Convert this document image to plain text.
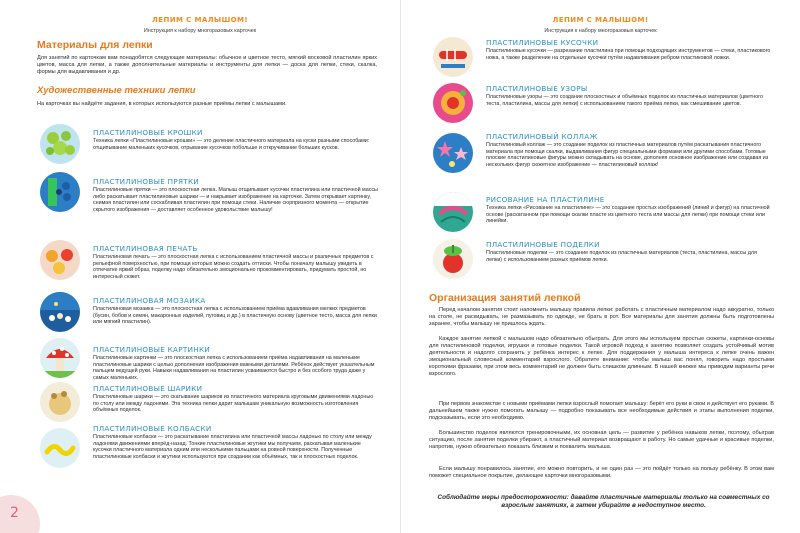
ЛЕПИМ С МАЛЫШОМ!
Инструкция к набору многоразовых карточек
Материалы для лепки
Для занятий по карточкам вам понадобятся следующие материалы: обычное и цветное тесто, мягкий восковой пластилин ярких цветов, масса для лепки, а также дополнительные материалы и инструменты для лепки — доска для лепки, стеки, скалка, формы для выдавливания и др.
Художественные техники лепки
На карточках вы найдёте задания, в которых используются разные приёмы лепки с малышами.
ПЛАСТИЛИНОВЫЕ КРОШКИ
Техника лепки «Пластилиновые крошки» — это деление пластичного материала на куски разными способами: отщипывание маленьких кусочков, отрывание кусочков побольше и откручивание больших кусков.
ПЛАСТИЛИНОВЫЕ ПРЯТКИ
Пластилиновые прятки — это плоскостная лепка. Малыш отщипывает кусочки пластилина или пластичной массы либо раскатывает пластилиновые шарики — и накрывает изображение на карточке. Затем открывает картинку, снимая пластилин или соскабливая пластилин при помощи стеки. Наличие сюрпризного момента — открытие скрытого изображения — доставляет особенное удовольствие малышу!
ПЛАСТИЛИНОВАЯ ПЕЧАТЬ
Пластилиновая печать — это плоскостная лепка с использованием пластичной массы и различных предметов с рельефной поверхностью, при помощи которых можно создать оттиски. Чтобы поначалу малышу увидеть в отпечатке яркий образ, поделку надо обязательно эмоционально прокомментировать, придумать простой, но интересный сюжет.
ПЛАСТИЛИНОВАЯ МОЗАИКА
Пластилиновая мозаика — это плоскостная лепка с использованием приёма вдавливания мелких предметов (бусин, бобов и семян, макаронных изделий, пуговиц и др.) в пластичную основу (цветное тесто, масса для лепки или мягкий пластилин).
ПЛАСТИЛИНОВЫЕ КАРТИНКИ
Пластилиновые картинки — это плоскостная лепка с использованием приёма надавливания на маленькие пластилиновые шарики с целью дополнения изображения важными деталями. Ребёнок действует указательным пальцем ведущей руки. Навыки надавливания на пластилин усваиваются быстро и без особого труда даже у самых маленьких.
ПЛАСТИЛИНОВЫЕ ШАРИКИ
Пластилиновые шарики — это скатывание шариков из пластичного материала круговыми движениями ладонью по столу или между ладонями. Эта техника лепки дарит малышам уникальную возможность изготовления объёмных поделок.
ПЛАСТИЛИНОВЫЕ КОЛБАСКИ
Пластилиновые колбаски — это раскатывание пластилина или пластичной массы ладонью по столу или между ладонями движениями вперёд-назад. Тонкие пластилиновые жгутики мы получаем, раскатывая маленькие кусочки пластичного материала одним или несколькими пальцами на ровной поверхности. Полученные пластилиновые колбаски и жгутики используются при создании как объёмных, так и плоскостных поделок.
2
ЛЕПИМ С МАЛЫШОМ!
Инструкция к набору многоразовых карточек
ПЛАСТИЛИНОВЫЕ КУСОЧКИ
Пластилиновые кусочки — разрезание пластилина при помощи подходящих инструментов — стеки, пластикового ножа, а также разделение на отдельные кусочки путём надавливания ребром пластиковой ложки.
ПЛАСТИЛИНОВЫЕ УЗОРЫ
Пластилиновые узоры — это создание плоскостных и объёмных поделок из пластичных материалов (цветного теста, пластилина, массы для лепки) с использованием такого приёма лепки, как смешивание цветов.
ПЛАСТИЛИНОВЫЙ КОЛЛАЖ
Пластилиновый коллаж — это создание поделок из пластичных материалов путём раскатывания пластичного материала при помощи скалки, выдавливания фигур специальными формами или другими способами. Готовые плоские пластилиновые фигуры можно складывать на основе, дополняя основное изображение или создавая из нескольких фигур сюжетное изображение — пластилиновый коллаж!
РИСОВАНИЕ НА ПЛАСТИЛИНЕ
Техника лепки «Рисование на пластилине» — это создание простых изображений (линий и фигур) на пластичной основе (раскатанном при помощи скалки пласте из цветного теста или массы для лепки) при помощи стеки или линейки.
ПЛАСТИЛИНОВЫЕ ПОДЕЛКИ
Пластилиновые поделки — это создание поделок из пластичных материалов (теста, пластилина, массы для лепки) с использованием разных приёмов лепки.
Организация занятий лепкой
Перед началом занятия стоит напомнить малышу правила лепки: работать с пластичным материалом надо аккуратно, только на столе, не раскидывать, не размазывать по одежде, не брать в рот. Все материалы для занятия должны быть подготовлены заранее, чтобы малышу не пришлось ждать.
Каждое занятие лепкой с малышом надо обязательно обыграть. Для этого мы используем простые сюжеты, картинки-основы для пластилиновой поделки, игрушки и готовые поделки. Такой игровой подход к занятию позволяет создать устойчивый мотив деятельности и надолго сохранить у ребёнка интерес к лепке. Для поддержания у малыша интереса к лепке очень важен эмоциональный словесный комментарий взрослого. Обратите внимание: чтобы малыш вас понял, говорить надо простыми короткими фразами, при этом весь комментарий не должен быть слишком длинным. В нашей книжке мы приводим варианты речи взрослого.
При первом знакомстве с новыми приёмами лепки взрослый помогает малышу: берёт его руки в свои и действует его руками. В дальнейшем также нужно помогать малышу — подробно показывать все необходимые действия и этапы выполнения поделки, подсказывать, если это необходимо.
Большинство поделок являются тренировочными, их основная цель — развитие у ребёнка навыков лепки, поэтому, обыграв ситуацию, после занятия поделки убирают, а пластичный материал возвращают в работу. Но самые удачные и красивые поделки, напротив, нужно обязательно показать близким и похвалить малыша.
Если малышу понравилось занятие, его можно повторить, и не один раз — это пойдёт только на пользу ребёнку. В этом вам поможет специальное покрытие, делающее карточки многоразовыми.
Соблюдайте меры предосторожности: давайте пластичные материалы только на совместных со взрослым занятиях, а затем убирайте в недоступное место.
